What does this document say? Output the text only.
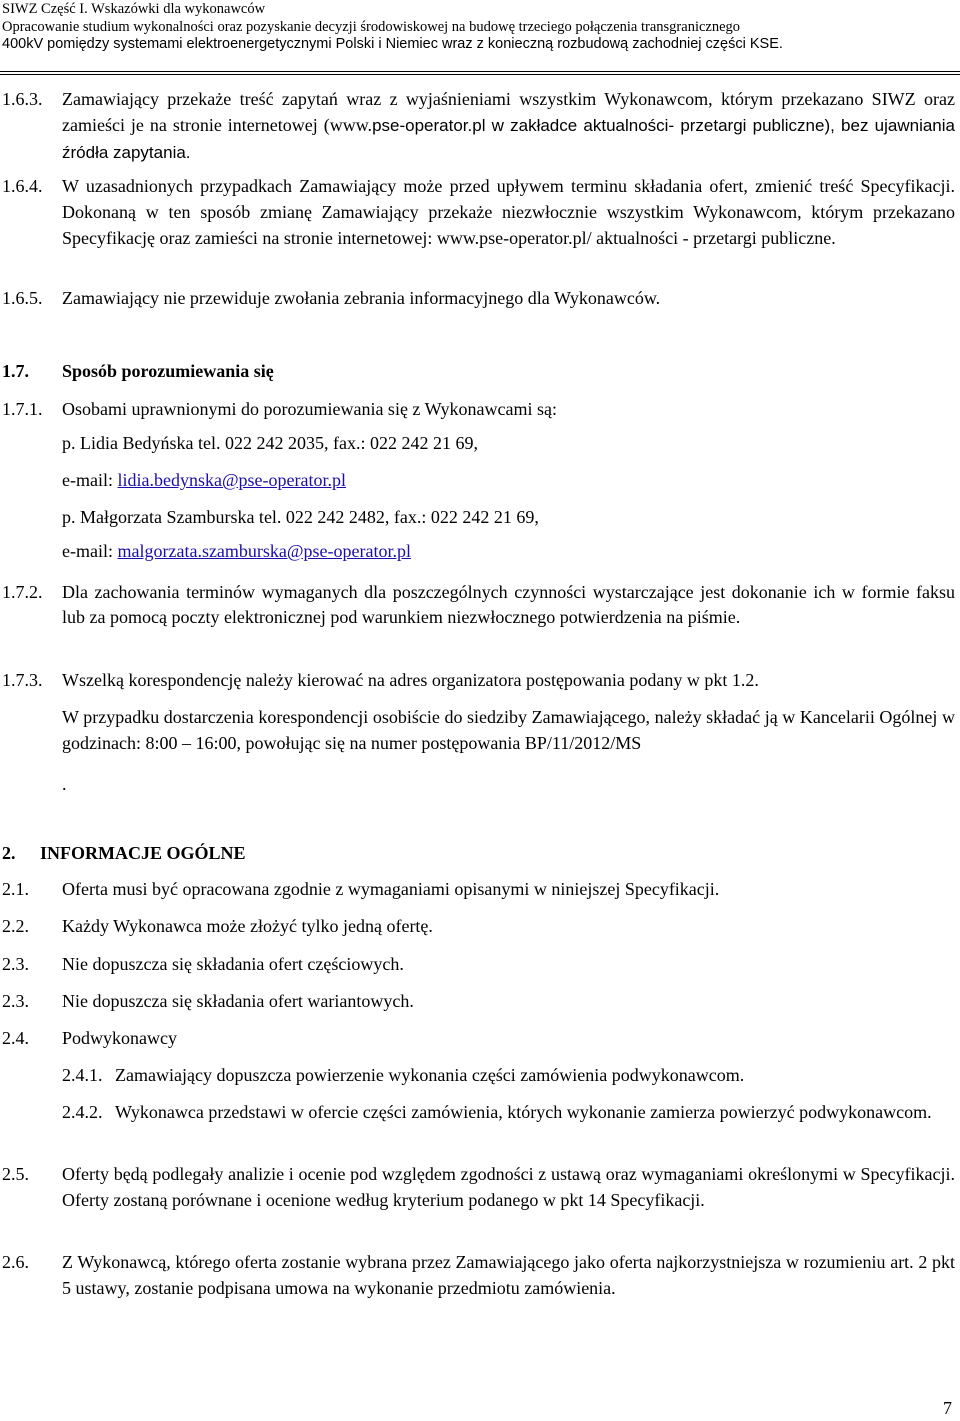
SIWZ Część I. Wskazówki dla wykonawców
Opracowanie studium wykonalności oraz pozyskanie decyzji środowiskowej na budowę trzeciego połączenia transgranicznego
400kV pomiędzy systemami elektroenergetycznymi Polski i Niemiec wraz z konieczną rozbudową zachodniej części KSE.
1.6.3. Zamawiający przekaże treść zapytań wraz z wyjaśnieniami wszystkim Wykonawcom, którym przekazano SIWZ oraz zamieści je na stronie internetowej (www.pse-operator.pl w zakładce aktualności- przetargi publiczne), bez ujawniania źródła zapytania.
1.6.4. W uzasadnionych przypadkach Zamawiający może przed upływem terminu składania ofert, zmienić treść Specyfikacji. Dokonaną w ten sposób zmianę Zamawiający przekaże niezwłocznie wszystkim Wykonawcom, którym przekazano Specyfikację oraz zamieści na stronie internetowej: www.pse-operator.pl/ aktualności - przetargi publiczne.
1.6.5. Zamawiający nie przewiduje zwołania zebrania informacyjnego dla Wykonawców.
1.7. Sposób porozumiewania się
1.7.1. Osobami uprawnionymi do porozumiewania się z Wykonawcami są:
p. Lidia Bedyńska tel. 022 242 2035, fax.: 022 242 21 69,
e-mail: lidia.bedynska@pse-operator.pl
p. Małgorzata Szamburska tel. 022 242 2482, fax.: 022 242 21 69,
e-mail: malgorzata.szamburska@pse-operator.pl
1.7.2. Dla zachowania terminów wymaganych dla poszczególnych czynności wystarczające jest dokonanie ich w formie faksu lub za pomocą poczty elektronicznej pod warunkiem niezwłocznego potwierdzenia na piśmie.
1.7.3. Wszelką korespondencję należy kierować na adres organizatora postępowania podany w pkt 1.2.
W przypadku dostarczenia korespondencji osobiście do siedziby Zamawiającego, należy składać ją w Kancelarii Ogólnej w godzinach: 8:00 – 16:00, powołując się na numer postępowania BP/11/2012/MS
.
2. INFORMACJE OGÓLNE
2.1. Oferta musi być opracowana zgodnie z wymaganiami opisanymi w niniejszej Specyfikacji.
2.2. Każdy Wykonawca może złożyć tylko jedną ofertę.
2.3. Nie dopuszcza się składania ofert częściowych.
2.3. Nie dopuszcza się składania ofert wariantowych.
2.4. Podwykonawcy
2.4.1. Zamawiający dopuszcza powierzenie wykonania części zamówienia podwykonawcom.
2.4.2. Wykonawca przedstawi w ofercie części zamówienia, których wykonanie zamierza powierzyć podwykonawcom.
2.5. Oferty będą podlegały analizie i ocenie pod względem zgodności z ustawą oraz wymaganiami określonymi w Specyfikacji. Oferty zostaną porównane i ocenione według kryterium podanego w pkt 14 Specyfikacji.
2.6. Z Wykonawcą, którego oferta zostanie wybrana przez Zamawiającego jako oferta najkorzystniejsza w rozumieniu art. 2 pkt 5 ustawy, zostanie podpisana umowa na wykonanie przedmiotu zamówienia.
7
